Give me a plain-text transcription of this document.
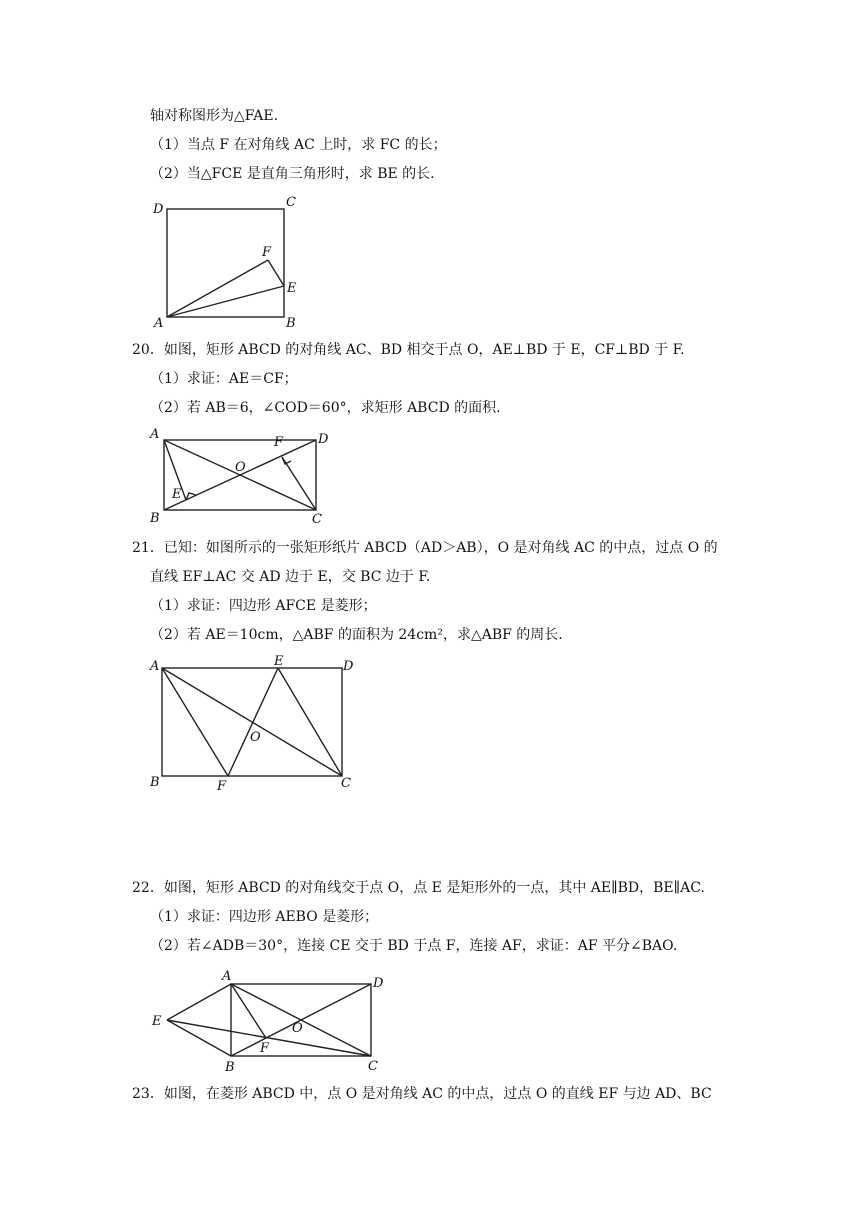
轴对称图形为△FAE.
（1）当点 F 在对角线 AC 上时，求 FC 的长；
（2）当△FCE 是直角三角形时，求 BE 的长.
D	C
F
E
A	B
20．如图，矩形 ABCD 的对角线 AC、BD 相交于点 O，AE⊥BD 于 E，CF⊥BD 于 F.
（1）求证：AE＝CF；
（2）若 AB＝6，∠COD＝60°，求矩形 ABCD 的面积.
A	D
F
O
E
B	C
21．已知：如图所示的一张矩形纸片 ABCD（AD＞AB），O 是对角线 AC 的中点，过点 O 的
直线 EF⊥AC 交 AD 边于 E，交 BC 边于 F.
（1）求证：四边形 AFCE 是菱形；
（2）若 AE＝10cm，△ABF 的面积为 24cm²，求△ABF 的周长.
A	E	D
O
B	F	C
22．如图，矩形 ABCD 的对角线交于点 O，点 E 是矩形外的一点，其中 AE∥BD，BE∥AC.
（1）求证：四边形 AEBO 是菱形；
（2）若∠ADB＝30°，连接 CE 交于 BD 于点 F，连接 AF，求证：AF 平分∠BAO.
A	D
E	O
F
B	C
23．如图，在菱形 ABCD 中，点 O 是对角线 AC 的中点，过点 O 的直线 EF 与边 AD、BC
